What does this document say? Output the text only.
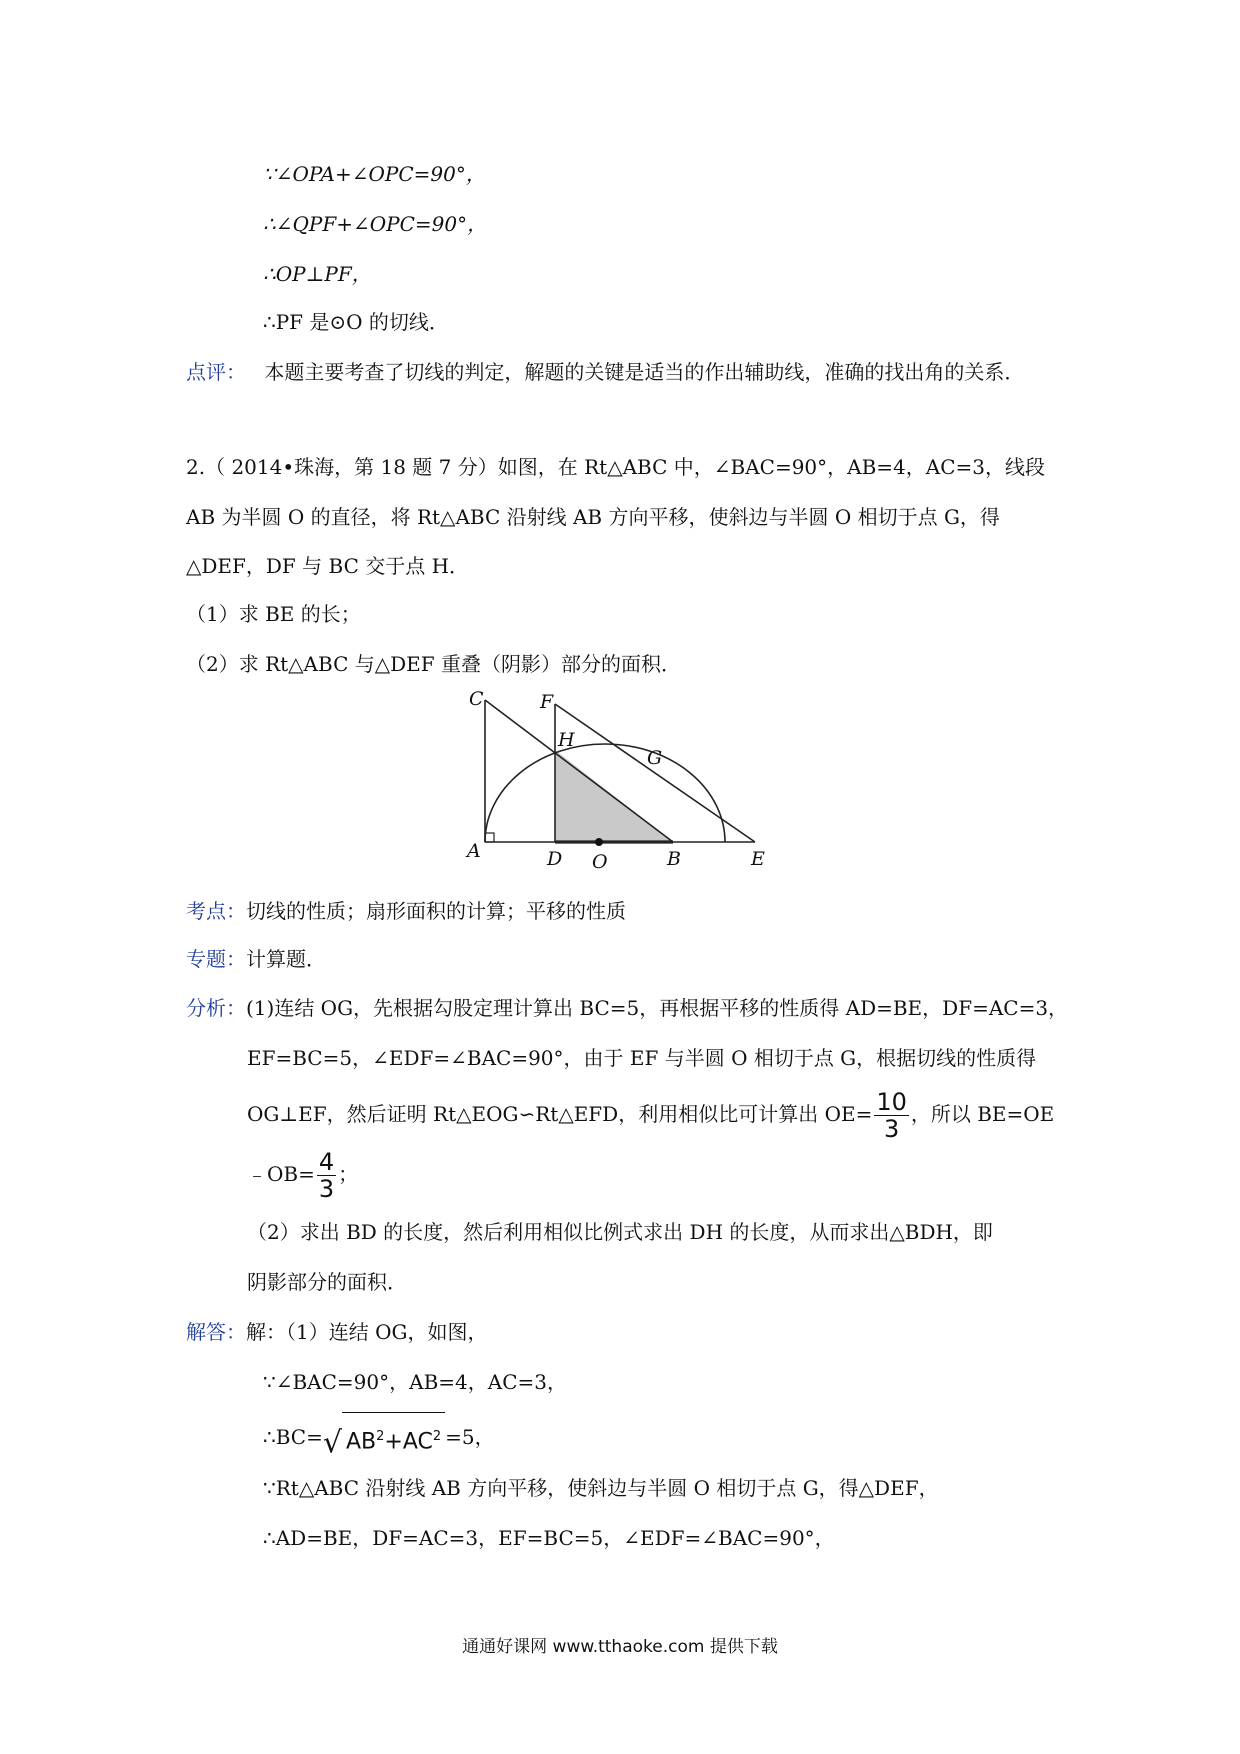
∵∠OPA+∠OPC=90°，
∴∠QPF+∠OPC=90°，
∴OP⊥PF，
∴PF 是⊙O 的切线．
点评： 本题主要考查了切线的判定，解题的关键是适当的作出辅助线，准确的找出角的关系．
2.（ 2014•珠海，第 18 题 7 分）如图，在 Rt△ABC 中，∠BAC=90°，AB=4，AC=3，线段
AB 为半圆 O 的直径，将 Rt△ABC 沿射线 AB 方向平移，使斜边与半圆 O 相切于点 G，得
△DEF，DF 与 BC 交于点 H．
（1）求 BE 的长；
（2）求 Rt△ABC 与△DEF 重叠（阴影）部分的面积．
C	F
H
G
A	D O	B	E
考点：切线的性质；扇形面积的计算；平移的性质
专题：计算题．
分析：(1)连结 OG，先根据勾股定理计算出 BC=5，再根据平移的性质得 AD=BE，DF=AC=3，
EF=BC=5，∠EDF=∠BAC=90°，由于 EF 与半圆 O 相切于点 G，根据切线的性质得
OG⊥EF，然后证明 Rt△EOG∽Rt△EFD，利用相似比可计算出 $OE= \frac{10}{3}$ ，所以 BE=OE
﹣OB= $\frac{4}{3}$ ；
（2）求出 BD 的长度，然后利用相似比例式求出 DH 的长度，从而求出△BDH，即
阴影部分的面积．
解答：解：（1）连结 OG，如图，
∵∠BAC=90°，AB=4，AC=3，
∴BC=√ $AB^2+AC^2 =5$，
∵Rt△ABC 沿射线 AB 方向平移，使斜边与半圆 O 相切于点 G，得△DEF，
∴AD=BE，DF=AC=3，EF=BC=5，∠EDF=∠BAC=90°，
通通好课网 www.tthaoke.com 提供下载
